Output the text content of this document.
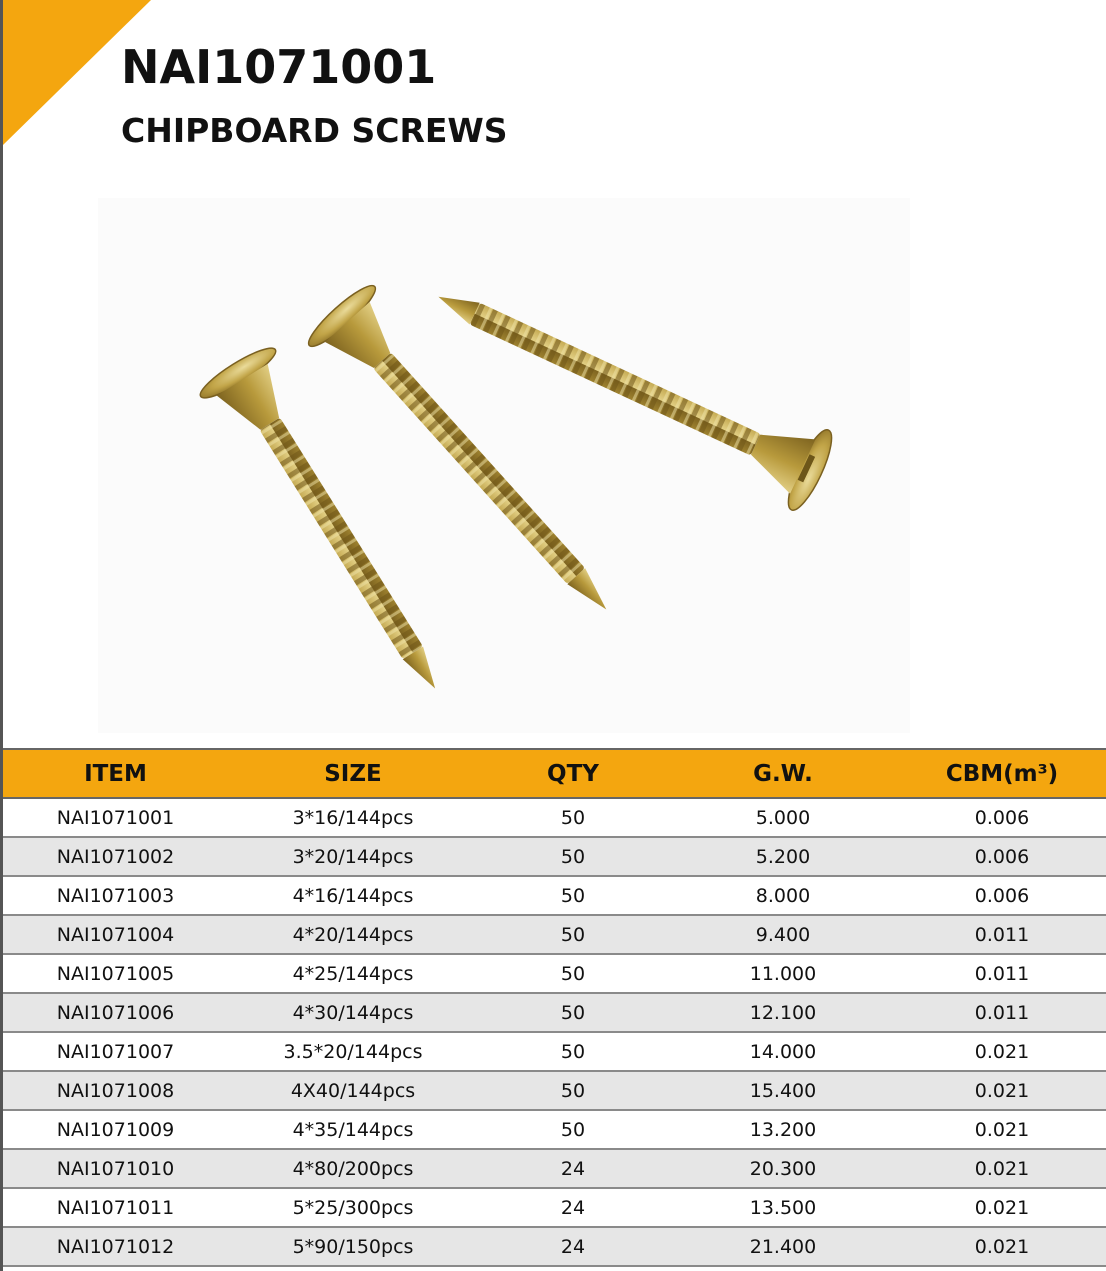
NAI1071001
CHIPBOARD SCREWS
ITEM	SIZE	QTY	G.W.	CBM(m³)
NAI1071001	3*16/144pcs	50	5.000	0.006
NAI1071002	3*20/144pcs	50	5.200	0.006
NAI1071003	4*16/144pcs	50	8.000	0.006
NAI1071004	4*20/144pcs	50	9.400	0.011
NAI1071005	4*25/144pcs	50	11.000	0.011
NAI1071006	4*30/144pcs	50	12.100	0.011
NAI1071007	3.5*20/144pcs	50	14.000	0.021
NAI1071008	4X40/144pcs	50	15.400	0.021
NAI1071009	4*35/144pcs	50	13.200	0.021
NAI1071010	4*80/200pcs	24	20.300	0.021
NAI1071011	5*25/300pcs	24	13.500	0.021
NAI1071012	5*90/150pcs	24	21.400	0.021
